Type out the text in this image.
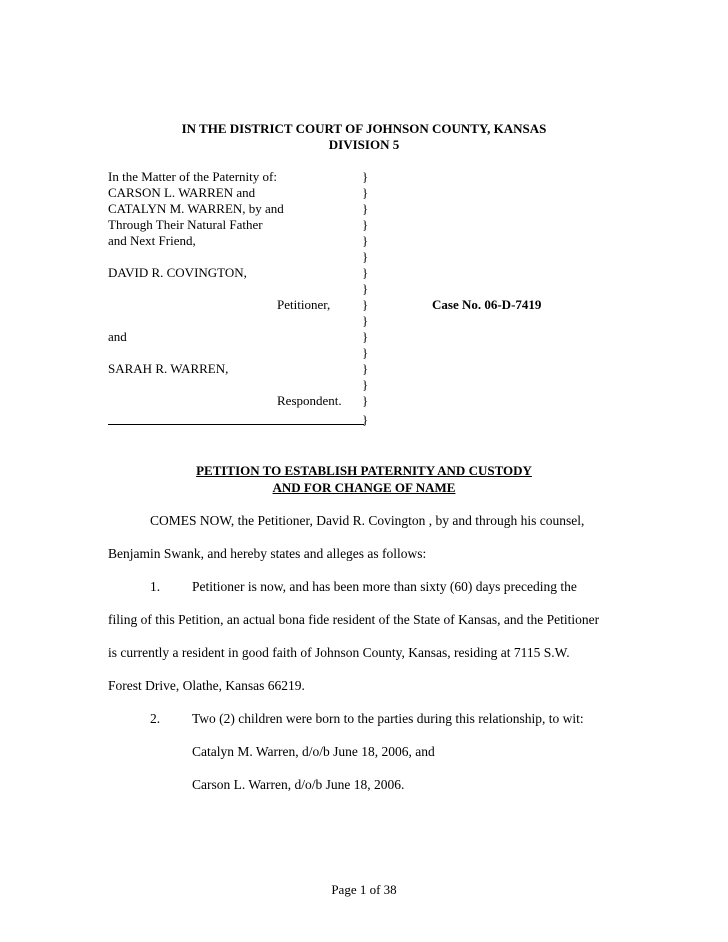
IN THE DISTRICT COURT OF JOHNSON COUNTY, KANSAS
DIVISION 5
In the Matter of the Paternity of:
CARSON L. WARREN and
CATALYN M. WARREN, by and
Through Their Natural Father
and Next Friend,
DAVID R. COVINGTON,
Petitioner,
and
SARAH R. WARREN,
Respondent.
}
}
}
}
}
}
}
}
}
}
}
}
}
}
}
}
Case No. 06-D-7419
PETITION TO ESTABLISH PATERNITY AND CUSTODY
AND FOR CHANGE OF NAME
COMES NOW, the Petitioner, David R. Covington , by and through his counsel,
Benjamin Swank, and hereby states and alleges as follows:
1. Petitioner is now, and has been more than sixty (60) days preceding the
filing of this Petition, an actual bona fide resident of the State of Kansas, and the Petitioner
is currently a resident in good faith of Johnson County, Kansas, residing at 7115 S.W.
Forest Drive, Olathe, Kansas 66219.
2. Two (2) children were born to the parties during this relationship, to wit:
Catalyn M. Warren, d/o/b June 18, 2006, and
Carson L. Warren, d/o/b June 18, 2006.
Page 1 of 38
